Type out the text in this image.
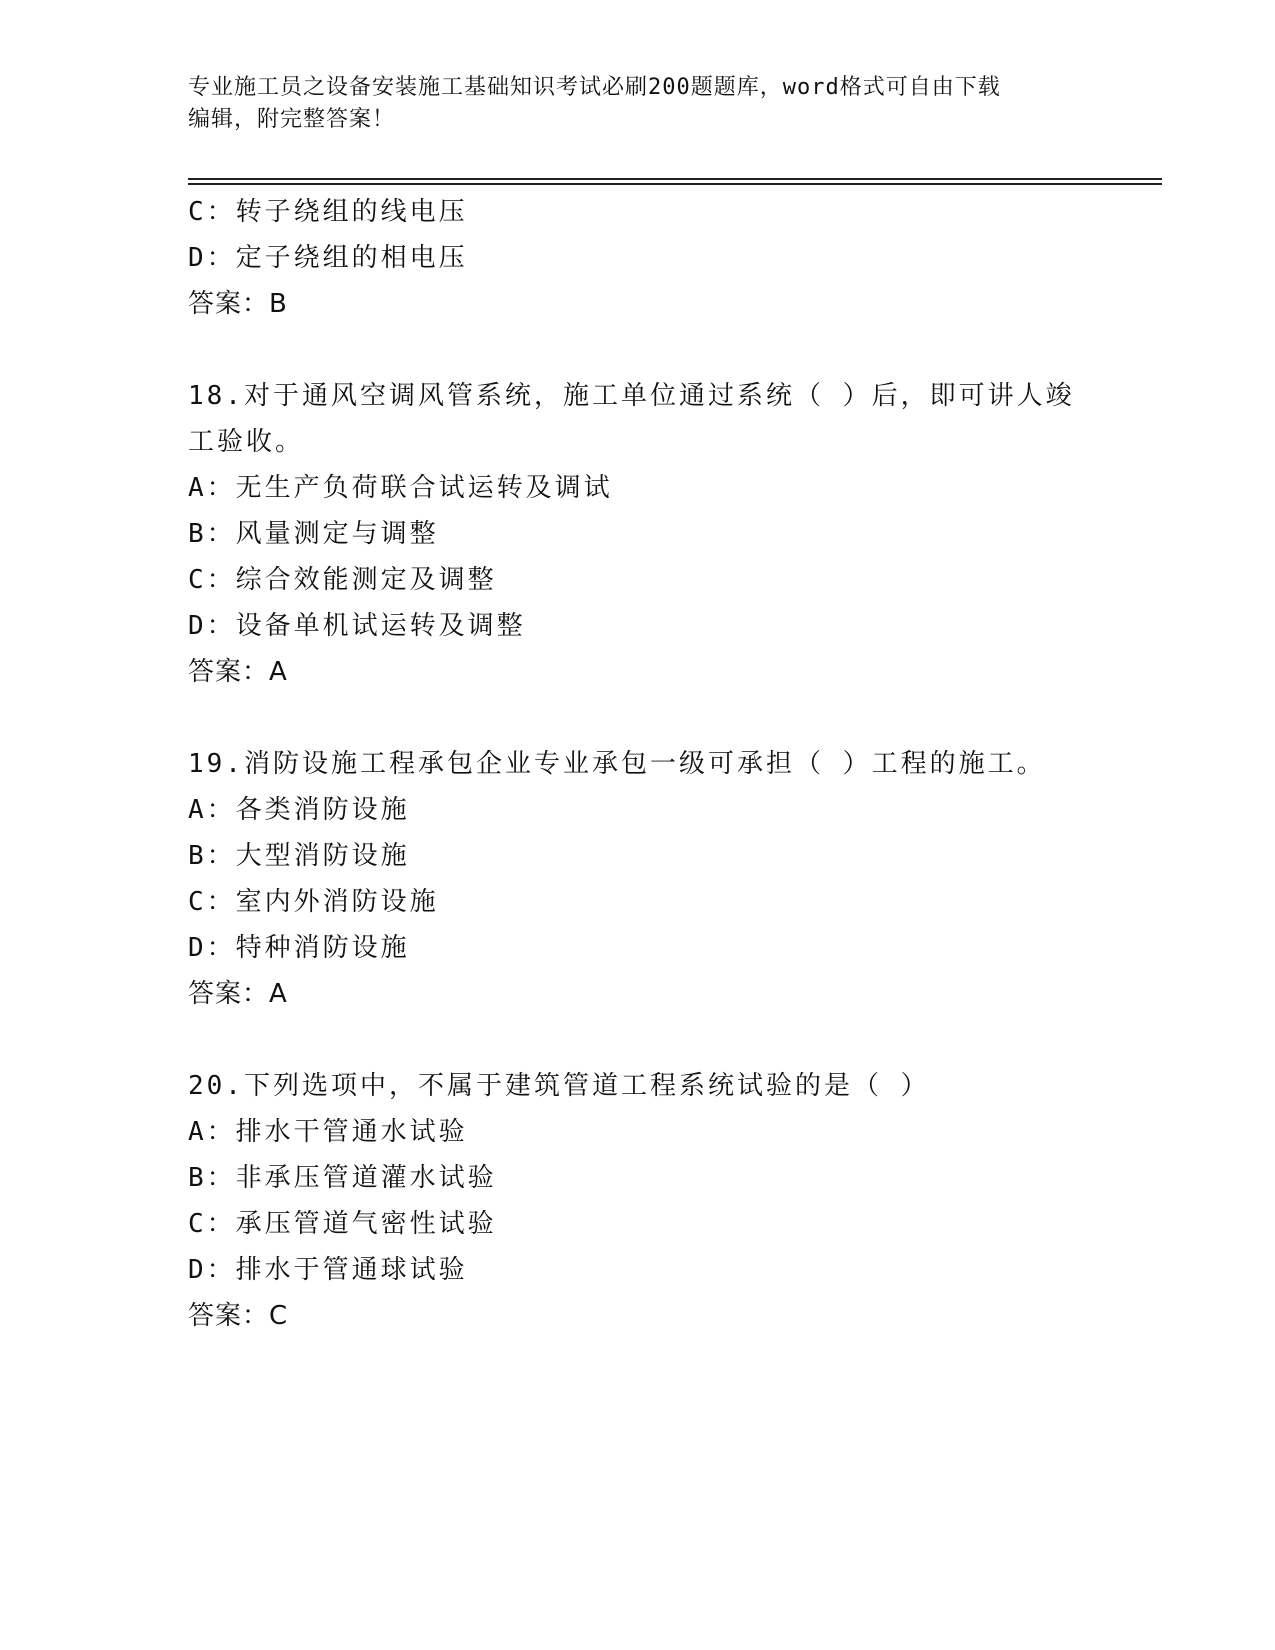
专业施工员之设备安装施工基础知识考试必刷200题题库，word格式可自由下载
编辑，附完整答案！
C：转子绕组的线电压
D：定子绕组的相电压
答案：B
18.对于通风空调风管系统，施工单位通过系统（ ）后，即可讲人竣
工验收。
A：无生产负荷联合试运转及调试
B：风量测定与调整
C：综合效能测定及调整
D：设备单机试运转及调整
答案：A
19.消防设施工程承包企业专业承包一级可承担（ ）工程的施工。
A：各类消防设施
B：大型消防设施
C：室内外消防设施
D：特种消防设施
答案：A
20.下列选项中，不属于建筑管道工程系统试验的是（ ）
A：排水干管通水试验
B：非承压管道灌水试验
C：承压管道气密性试验
D：排水于管通球试验
答案：C
